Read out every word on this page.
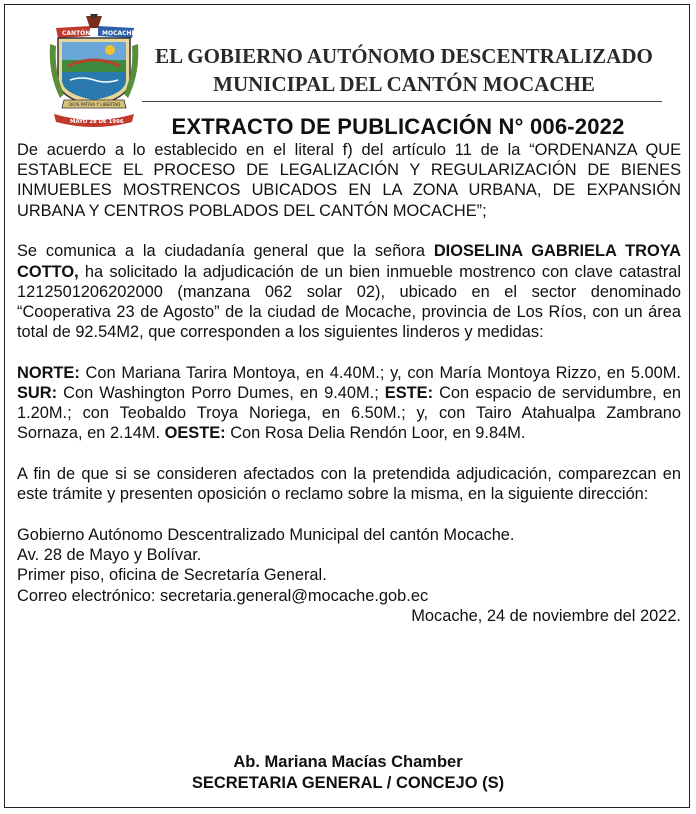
CANTÓN MOCACHE
DIOS PATRIA Y LIBERTAD
MAYO 28 DE 1996
EL GOBIERNO AUTÓNOMO DESCENTRALIZADO
MUNICIPAL DEL CANTÓN MOCACHE
EXTRACTO DE PUBLICACIÓN N° 006-2022

De acuerdo a lo establecido en el literal f) del artículo 11 de la “ORDENANZA QUE ESTABLECE EL PROCESO DE LEGALIZACIÓN Y REGULARIZACIÓN DE BIENES INMUEBLES MOSTRENCOS UBICADOS EN LA ZONA URBANA, DE EXPANSIÓN URBANA Y CENTROS POBLADOS DEL CANTÓN MOCACHE”;

Se comunica a la ciudadanía general que la señora DIOSELINA GABRIELA TROYA COTTO, ha solicitado la adjudicación de un bien inmueble mostrenco con clave catastral 1212501206202000 (manzana 062 solar 02), ubicado en el sector denominado “Cooperativa 23 de Agosto” de la ciudad de Mocache, provincia de Los Ríos, con un área total de 92.54M2, que corresponden a los siguientes linderos y medidas:

NORTE: Con Mariana Tarira Montoya, en 4.40M.; y, con María Montoya Rizzo, en 5.00M. SUR: Con Washington Porro Dumes, en 9.40M.; ESTE: Con espacio de servidumbre, en 1.20M.; con Teobaldo Troya Noriega, en 6.50M.; y, con Tairo Atahualpa Zambrano Sornaza, en 2.14M. OESTE: Con Rosa Delia Rendón Loor, en 9.84M.

A fin de que si se consideren afectados con la pretendida adjudicación, comparezcan en este trámite y presenten oposición o reclamo sobre la misma, en la siguiente dirección:

Gobierno Autónomo Descentralizado Municipal del cantón Mocache.
Av. 28 de Mayo y Bolívar.
Primer piso, oficina de Secretaría General.
Correo electrónico: secretaria.general@mocache.gob.ec
Mocache, 24 de noviembre del 2022.
Ab. Mariana Macías Chamber
SECRETARIA GENERAL / CONCEJO (S)
